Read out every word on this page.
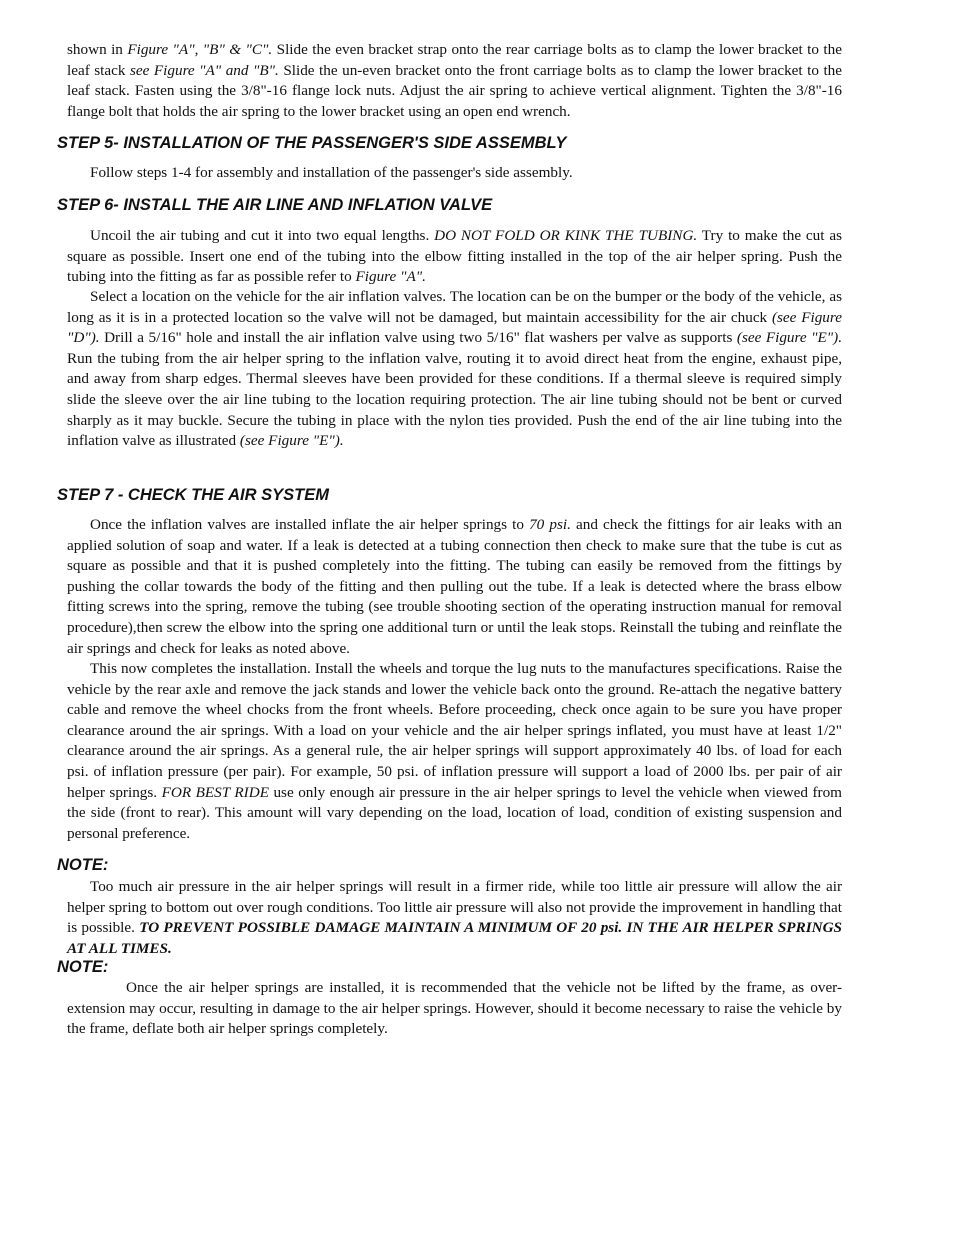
shown in Figure "A", "B" & "C". Slide the even bracket strap onto the rear carriage bolts as to clamp the lower bracket to the leaf stack see Figure "A" and "B". Slide the un-even bracket onto the front carriage bolts as to clamp the lower bracket to the leaf stack. Fasten using the 3/8"-16 flange lock nuts. Adjust the air spring to achieve vertical alignment. Tighten the 3/8"-16 flange bolt that holds the air spring to the lower bracket using an open end wrench.

STEP 5- INSTALLATION OF THE PASSENGER'S SIDE ASSEMBLY

Follow steps 1-4 for assembly and installation of the passenger's side assembly.

STEP 6- INSTALL THE AIR LINE AND INFLATION VALVE

Uncoil the air tubing and cut it into two equal lengths. DO NOT FOLD OR KINK THE TUBING. Try to make the cut as square as possible. Insert one end of the tubing into the elbow fitting installed in the top of the air helper spring. Push the tubing into the fitting as far as possible refer to Figure "A".

Select a location on the vehicle for the air inflation valves. The location can be on the bumper or the body of the vehicle, as long as it is in a protected location so the valve will not be damaged, but maintain accessibility for the air chuck (see Figure "D"). Drill a 5/16" hole and install the air inflation valve using two 5/16" flat washers per valve as supports (see Figure "E"). Run the tubing from the air helper spring to the inflation valve, routing it to avoid direct heat from the engine, exhaust pipe, and away from sharp edges. Thermal sleeves have been provided for these conditions. If a thermal sleeve is required simply slide the sleeve over the air line tubing to the location requiring protection. The air line tubing should not be bent or curved sharply as it may buckle. Secure the tubing in place with the nylon ties provided. Push the end of the air line tubing into the inflation valve as illustrated (see Figure "E").

STEP 7 - CHECK THE AIR SYSTEM

Once the inflation valves are installed inflate the air helper springs to 70 psi. and check the fittings for air leaks with an applied solution of soap and water. If a leak is detected at a tubing connection then check to make sure that the tube is cut as square as possible and that it is pushed completely into the fitting. The tubing can easily be removed from the fittings by pushing the collar towards the body of the fitting and then pulling out the tube. If a leak is detected where the brass elbow fitting screws into the spring, remove the tubing (see trouble shooting section of the operating instruction manual for removal procedure),then screw the elbow into the spring one additional turn or until the leak stops. Reinstall the tubing and reinflate the air springs and check for leaks as noted above.

This now completes the installation. Install the wheels and torque the lug nuts to the manufactures specifications. Raise the vehicle by the rear axle and remove the jack stands and lower the vehicle back onto the ground. Re-attach the negative battery cable and remove the wheel chocks from the front wheels. Before proceeding, check once again to be sure you have proper clearance around the air springs. With a load on your vehicle and the air helper springs inflated, you must have at least 1/2" clearance around the air springs. As a general rule, the air helper springs will support approximately 40 lbs. of load for each psi. of inflation pressure (per pair). For example, 50 psi. of inflation pressure will support a load of 2000 lbs. per pair of air helper springs. FOR BEST RIDE use only enough air pressure in the air helper springs to level the vehicle when viewed from the side (front to rear). This amount will vary depending on the load, location of load, condition of existing suspension and personal preference.

NOTE:

Too much air pressure in the air helper springs will result in a firmer ride, while too little air pressure will allow the air helper spring to bottom out over rough conditions. Too little air pressure will also not provide the improvement in handling that is possible. TO PREVENT POSSIBLE DAMAGE MAINTAIN A MINIMUM OF 20 psi. IN THE AIR HELPER SPRINGS AT ALL TIMES.

NOTE:

Once the air helper springs are installed, it is recommended that the vehicle not be lifted by the frame, as over-extension may occur, resulting in damage to the air helper springs. However, should it become necessary to raise the vehicle by the frame, deflate both air helper springs completely.
